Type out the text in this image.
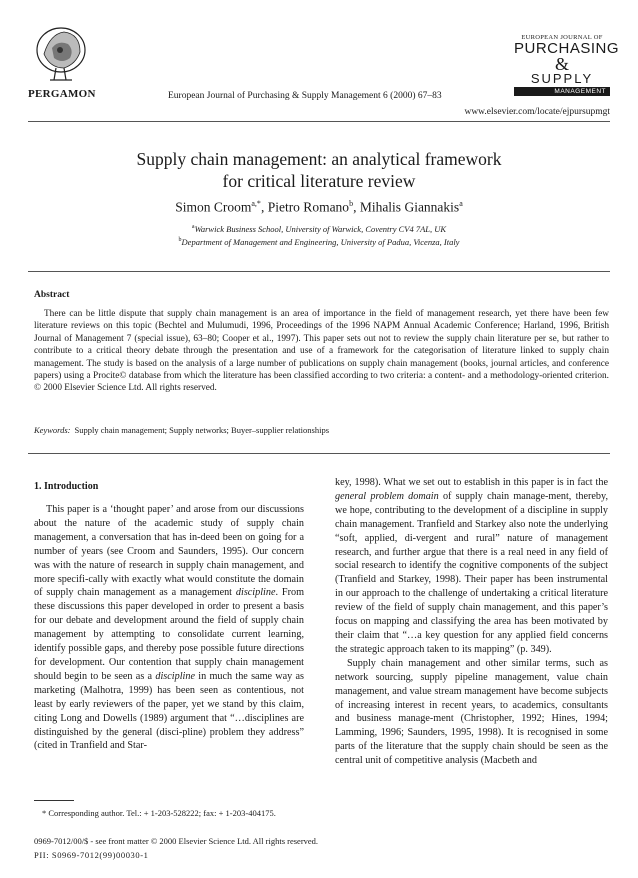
PERGAMON	European Journal of Purchasing & Supply Management 6 (2000) 67–83
EUROPEAN JOURNAL OF
PURCHASING
&
SUPPLY
MANAGEMENT
www.elsevier.com/locate/ejpursupmgt
Supply chain management: an analytical framework
for critical literature review
Simon Croom$^{a,*}$, Pietro Romano$^b$, Mihalis Giannakis$^a$
$^a$Warwick Business School, University of Warwick, Coventry CV4 7AL, UK
$^b$Department of Management and Engineering, University of Padua, Vicenza, Italy
Abstract
There can be little dispute that supply chain management is an area of importance in the field of management research, yet there have been few literature reviews on this topic (Bechtel and Mulumudi, 1996, Proceedings of the 1996 NAPM Annual Academic Conference; Harland, 1996, British Journal of Management 7 (special issue), 63–80; Cooper et al., 1997). This paper sets out not to review the supply chain literature per se, but rather to contribute to a critical theory debate through the presentation and use of a framework for the categorisation of literature linked to supply chain management. The study is based on the analysis of a large number of publications on supply chain management (books, journal articles, and conference papers) using a Procite© database from which the literature has been classified according to two criteria: a content- and a methodology-oriented criterion. © 2000 Elsevier Science Ltd. All rights reserved.
Keywords: Supply chain management; Supply networks; Buyer–supplier relationships
1. Introduction

This paper is a ‘thought paper’ and arose from our discussions about the nature of the academic study of supply chain management, a conversation that has in-deed been on going for a number of years (see Croom and Saunders, 1995). Our concern was with the nature of research in supply chain management, and more specifi-cally with exactly what would constitute the domain of supply chain management as a management discipline. From these discussions this paper developed in order to present a basis for our debate and development around the field of supply chain management by attempting to consolidate current learning, identify possible gaps, and thereby pose possible future directions for development. Our contention that supply chain management should begin to be seen as a discipline in much the same way as marketing (Malhotra, 1999) has been seen as contentious, not least by early reviewers of the paper, yet we stand by this claim, citing Long and Dowells (1989) argument that “…disciplines are distinguished by the general (disci-pline) problem they address” (cited in Tranfield and Star-

key, 1998). What we set out to establish in this paper is in fact the general problem domain of supply chain manage-ment, thereby, we hope, contributing to the development of a discipline in supply chain management. Tranfield and Starkey also note the underlying “soft, applied, di-vergent and rural” nature of management research, and further argue that there is a real need in any field of social research to identify the cognitive components of the subject (Tranfield and Starkey, 1998). Their paper has been instrumental in our approach to the challenge of undertaking a critical literature review of the field of supply chain management, and this paper’s focus on mapping and classifying the area has been motivated by their claim that “…a key question for any applied field concerns the strategic approach taken to its mapping” (p. 349).

Supply chain management and other similar terms, such as network sourcing, supply pipeline management, value chain management, and value stream management have become subjects of increasing interest in recent years, to academics, consultants and business manage-ment (Christopher, 1992; Hines, 1994; Lamming, 1996; Saunders, 1995, 1998). It is recognised in some parts of the literature that the supply chain should be seen as the central unit of competitive analysis (Macbeth and

* Corresponding author. Tel.: + 1-203-528222; fax: + 1-203-404175.
0969-7012/00/$ - see front matter © 2000 Elsevier Science Ltd. All rights reserved.
PII: S0969-7012(99)00030-1
